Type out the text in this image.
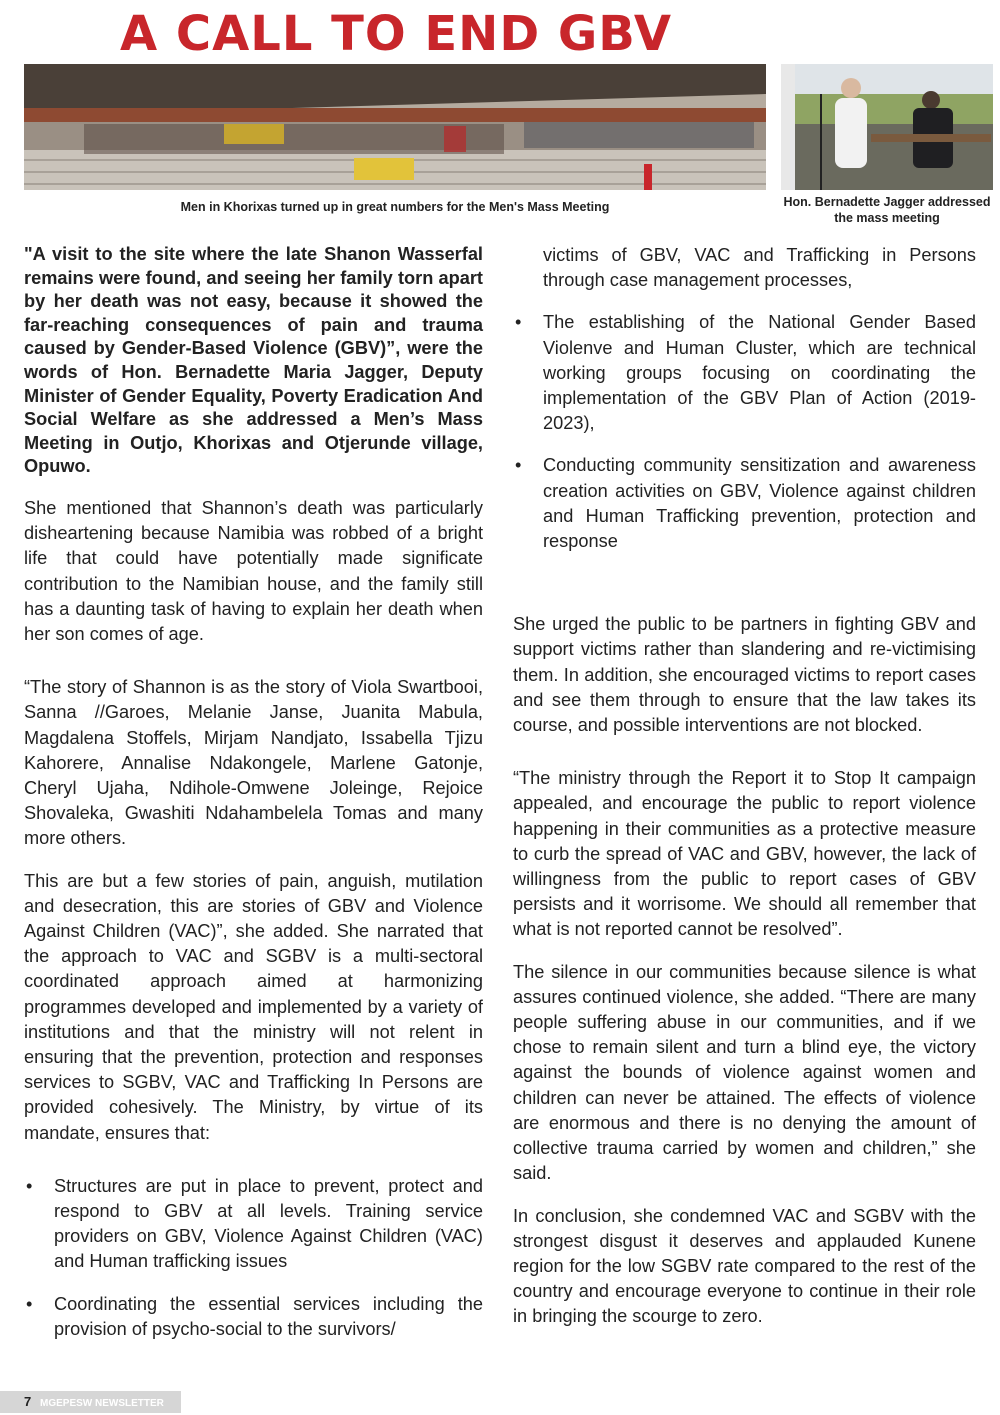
A CALL TO END GBV
Men in Khorixas turned up in great numbers for the Men's Mass Meeting	Hon. Bernadette Jagger addressed the mass meeting

"A visit to the site where the late Shanon Wasserfal remains were found, and seeing her family torn apart by her death was not easy, because it showed the far-reaching consequences of pain and trauma caused by Gender-Based Violence (GBV)”, were the words of Hon. Bernadette Maria Jagger, Deputy Minister of Gender Equality, Poverty Eradication And Social Welfare as she addressed a Men’s Mass Meeting in Outjo, Khorixas and Otjerunde village, Opuwo.

She mentioned that Shannon’s death was particularly disheartening because Namibia was robbed of a bright life that could have potentially made significate contribution to the Namibian house, and the family still has a daunting task of having to explain her death when her son comes of age.

“The story of Shannon is as the story of Viola Swartbooi, Sanna //Garoes, Melanie Janse, Juanita Mabula, Magdalena Stoffels, Mirjam Nandjato, Issabella Tjizu Kahorere, Annalise Ndakongele, Marlene Gatonje, Cheryl Ujaha, Ndihole-Omwene Joleinge, Rejoice Shovaleka, Gwashiti Ndahambelela Tomas and many more others.

This are but a few stories of pain, anguish, mutilation and desecration, this are stories of GBV and Violence Against Children (VAC)”, she added. She narrated that the approach to VAC and SGBV is a multi-sectoral coordinated approach aimed at harmonizing programmes developed and implemented by a variety of institutions and that the ministry will not relent in ensuring that the prevention, protection and responses services to SGBV, VAC and Trafficking In Persons are provided cohesively. The Ministry, by virtue of its mandate, ensures that:

• Structures are put in place to prevent, protect and respond to GBV at all levels. Training service providers on GBV, Violence Against Children (VAC) and Human trafficking issues
• Coordinating the essential services including the provision of psycho-social to the survivors/

victims of GBV, VAC and Trafficking in Persons through case management processes,

• The establishing of the National Gender Based Violenve and Human Cluster, which are technical working groups focusing on coordinating the implementation of the GBV Plan of Action (2019-2023),
• Conducting community sensitization and awareness creation activities on GBV, Violence against children and Human Trafficking prevention, protection and response

She urged the public to be partners in fighting GBV and support victims rather than slandering and re-victimising them. In addition, she encouraged victims to report cases and see them through to ensure that the law takes its course, and possible interventions are not blocked.

“The ministry through the Report it to Stop It campaign appealed, and encourage the public to report violence happening in their communities as a protective measure to curb the spread of VAC and GBV, however, the lack of willingness from the public to report cases of GBV persists and it worrisome. We should all remember that what is not reported cannot be resolved”.

The silence in our communities because silence is what assures continued violence, she added. “There are many people suffering abuse in our communities, and if we chose to remain silent and turn a blind eye, the victory against the bounds of violence against women and children can never be attained. The effects of violence are enormous and there is no denying the amount of collective trauma carried by women and children,” she said.

In conclusion, she condemned VAC and SGBV with the strongest disgust it deserves and applauded Kunene region for the low SGBV rate compared to the rest of the country and encourage everyone to continue in their role in bringing the scourge to zero.

7 MGEPESW NEWSLETTER
